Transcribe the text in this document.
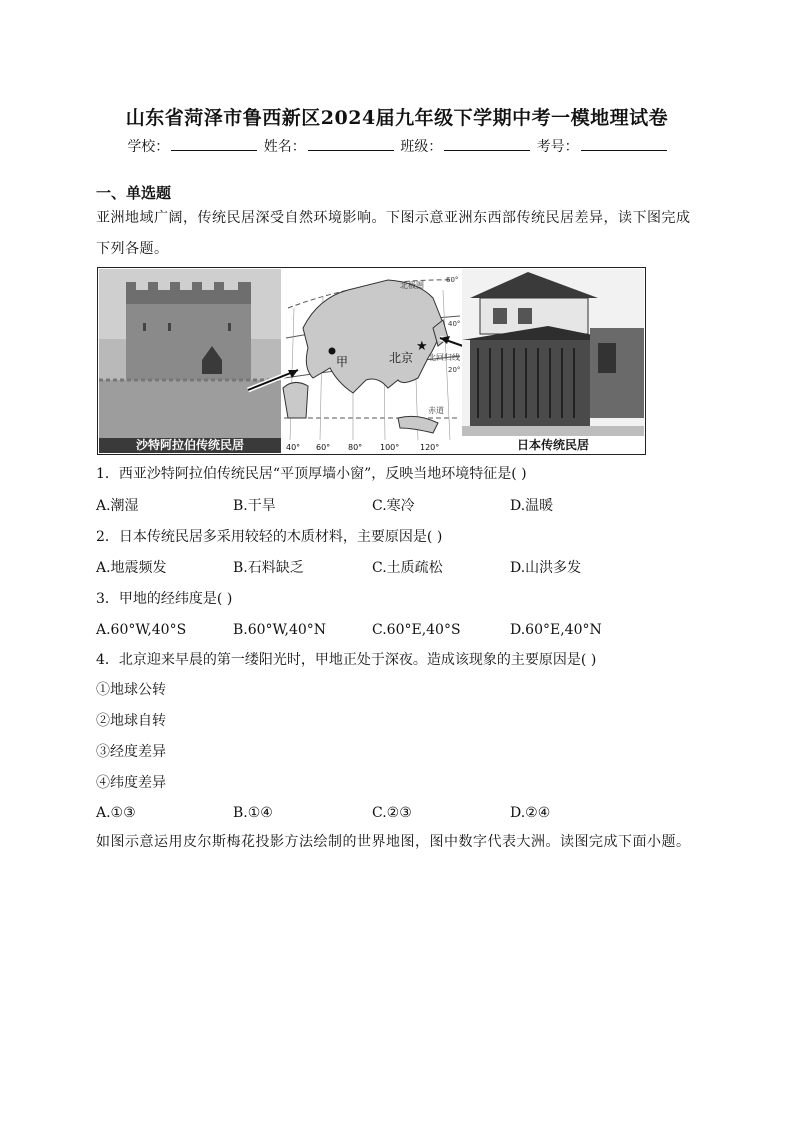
山东省菏泽市鲁西新区2024届九年级下学期中考一模地理试卷
学校：	姓名：	班级：	考号：
一、单选题
亚洲地域广阔，传统民居深受自然环境影响。下图示意亚洲东西部传统民居差异，读下图完成下列各题。
沙特阿拉伯传统民居
甲	北京
★
北极圈
北回归线
赤道
60°
40°
20°
40° 60° 80° 100°	120°	日本传统民居
1．西亚沙特阿拉伯传统民居“平顶厚墙小窗”，反映当地环境特征是( )
A.潮湿	B.干旱	C.寒冷	D.温暖
2．日本传统民居多采用较轻的木质材料，主要原因是( )
A.地震频发	B.石料缺乏	C.土质疏松	D.山洪多发
3．甲地的经纬度是( )
A.60°W,40°S	B.60°W,40°N	C.60°E,40°S	D.60°E,40°N
4．北京迎来早晨的第一缕阳光时，甲地正处于深夜。造成该现象的主要原因是( )
①地球公转
②地球自转
③经度差异
④纬度差异
A.①③	B.①④	C.②③	D.②④
如图示意运用皮尔斯梅花投影方法绘制的世界地图，图中数字代表大洲。读图完成下面小题。
